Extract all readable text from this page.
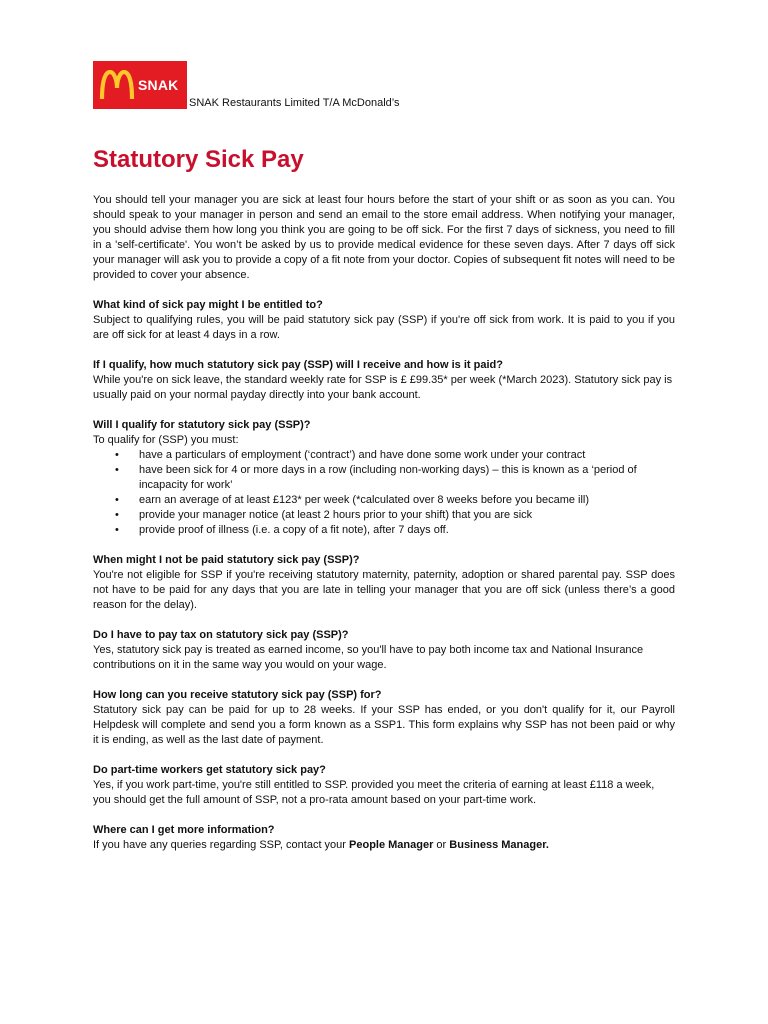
SNAK
SNAK Restaurants Limited T/A McDonald’s
Statutory Sick Pay

You should tell your manager you are sick at least four hours before the start of your shift or as soon as you can. You should speak to your manager in person and send an email to the store email address. When notifying your manager, you should advise them how long you think you are going to be off sick. For the first 7 days of sickness, you need to fill in a 'self-certificate'. You won’t be asked by us to provide medical evidence for these seven days. After 7 days off sick your manager will ask you to provide a copy of a fit note from your doctor. Copies of subsequent fit notes will need to be provided to cover your absence.

What kind of sick pay might I be entitled to?

Subject to qualifying rules, you will be paid statutory sick pay (SSP) if you're off sick from work. It is paid to you if you are off sick for at least 4 days in a row.

If I qualify, how much statutory sick pay (SSP) will I receive and how is it paid?

While you're on sick leave, the standard weekly rate for SSP is £ £99.35* per week (*March 2023). Statutory sick pay is usually paid on your normal payday directly into your bank account.

Will I qualify for statutory sick pay (SSP)?

To qualify for (SSP) you must:

• have a particulars of employment (‘contract’) and have done some work under your contract
• have been sick for 4 or more days in a row (including non-working days) – this is known as a ‘period of incapacity for work’
• earn an average of at least £123* per week (*calculated over 8 weeks before you became ill)
• provide your manager notice (at least 2 hours prior to your shift) that you are sick
• provide proof of illness (i.e. a copy of a fit note), after 7 days off.

When might I not be paid statutory sick pay (SSP)?

You're not eligible for SSP if you're receiving statutory maternity, paternity, adoption or shared parental pay. SSP does not have to be paid for any days that you are late in telling your manager that you are off sick (unless there’s a good reason for the delay).

Do I have to pay tax on statutory sick pay (SSP)?

Yes, statutory sick pay is treated as earned income, so you'll have to pay both income tax and National Insurance contributions on it in the same way you would on your wage.

How long can you receive statutory sick pay (SSP) for?

Statutory sick pay can be paid for up to 28 weeks. If your SSP has ended, or you don't qualify for it, our Payroll Helpdesk will complete and send you a form known as a SSP1. This form explains why SSP has not been paid or why it is ending, as well as the last date of payment.

Do part-time workers get statutory sick pay?

Yes, if you work part-time, you're still entitled to SSP. provided you meet the criteria of earning at least £118 a week, you should get the full amount of SSP, not a pro-rata amount based on your part-time work.

Where can I get more information?

If you have any queries regarding SSP, contact your People Manager or Business Manager.
